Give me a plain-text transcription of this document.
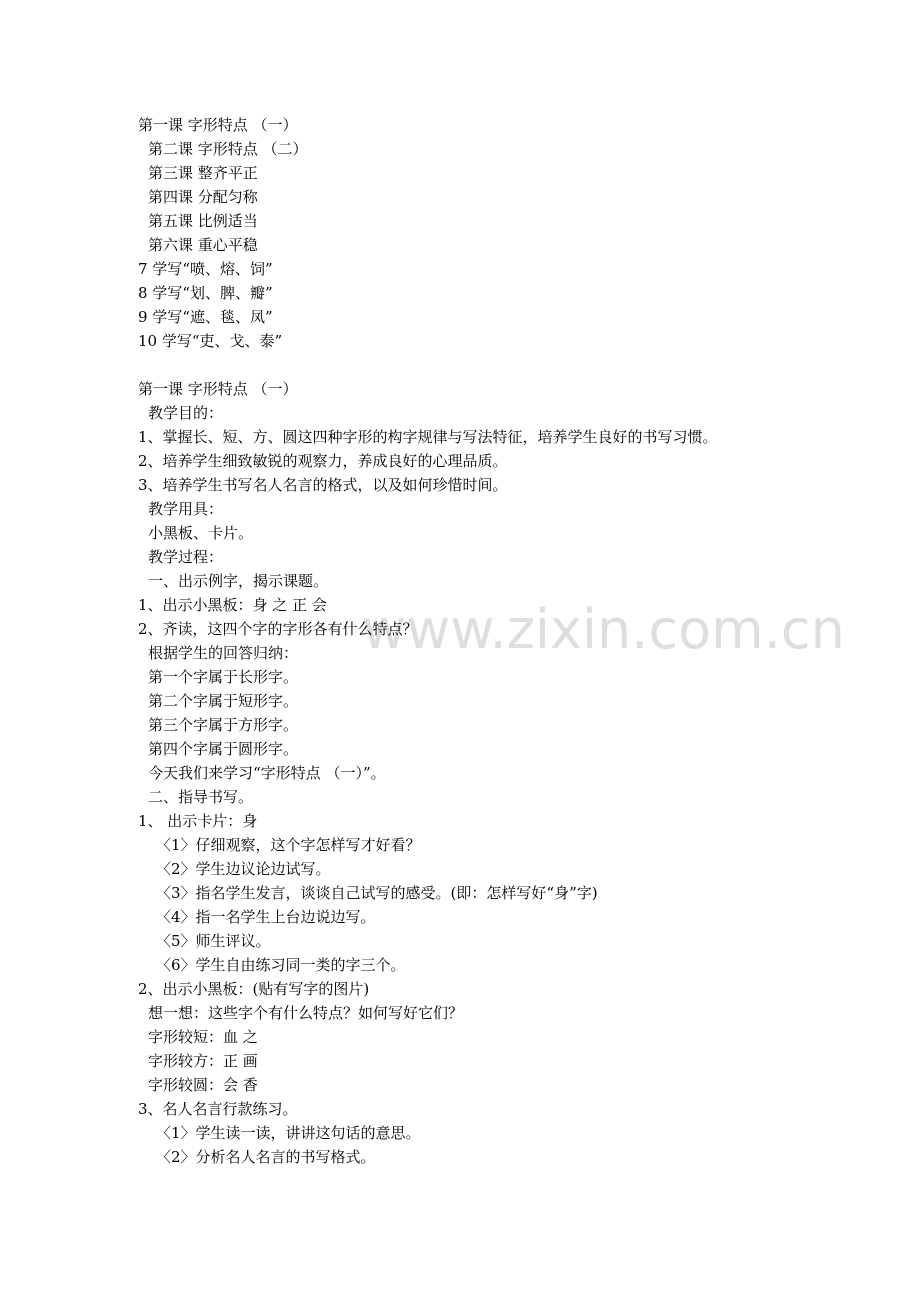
www.zixin.com.cn
第一课 字形特点 （一）
第二课 字形特点 （二）
第三课 整齐平正
第四课 分配匀称
第五课 比例适当
第六课 重心平稳
7 学写“喷、熔、饲”
8 学写“划、脾、瓣”
9 学写“遮、毯、凤”
10 学写“吏、戈、泰”
第一课 字形特点 （一）
教学目的：
1、掌握长、短、方、圆这四种字形的构字规律与写法特征，培养学生良好的书写习惯。
2、培养学生细致敏锐的观察力，养成良好的心理品质。
3、培养学生书写名人名言的格式，以及如何珍惜时间。
教学用具：
小黑板、卡片。
教学过程：
一、出示例字，揭示课题。
1、出示小黑板：身 之 正 会
2、齐读，这四个字的字形各有什么特点？
根据学生的回答归纳：
第一个字属于长形字。
第二个字属于短形字。
第三个字属于方形字。
第四个字属于圆形字。
今天我们来学习“字形特点 （一）”。
二、指导书写。
1、 出示卡片：身
〈1〉仔细观察，这个字怎样写才好看？
〈2〉学生边议论边试写。
〈3〉指名学生发言，谈谈自己试写的感受。(即：怎样写好“身”字)
〈4〉指一名学生上台边说边写。
〈5〉师生评议。
〈6〉学生自由练习同一类的字三个。
2、出示小黑板：(贴有写字的图片)
想一想：这些字个有什么特点？如何写好它们？
字形较短：血 之
字形较方：正 画
字形较圆：会 香
3、名人名言行款练习。
〈1〉学生读一读，讲讲这句话的意思。
〈2〉分析名人名言的书写格式。
